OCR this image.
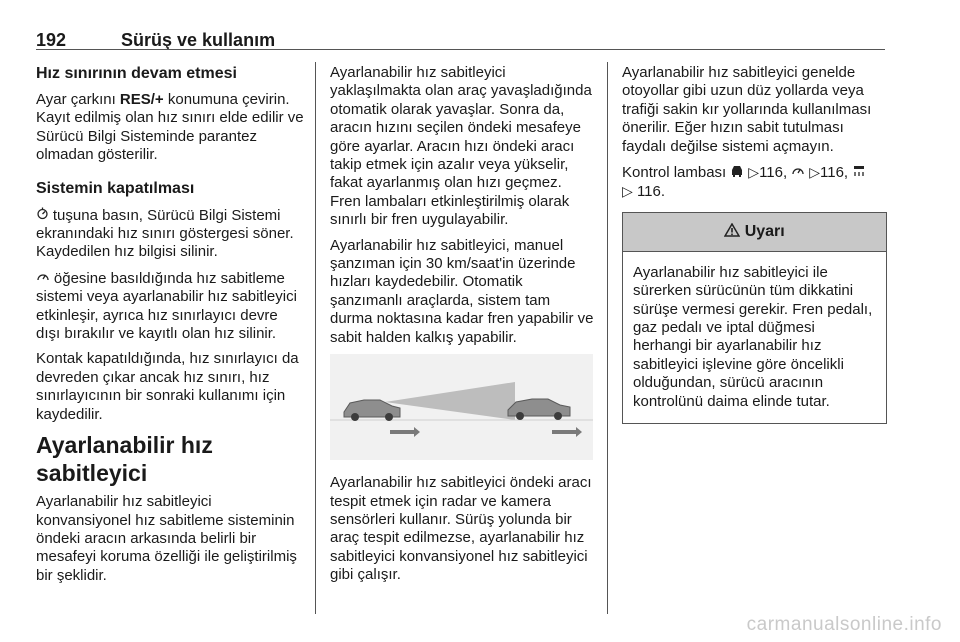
192	Sürüş ve kullanım
Hız sınırının devam etmesi

Ayar çarkını RES/+ konumuna çevirin. Kayıt edilmiş olan hız sınırı elde edilir ve Sürücü Bilgi Sisteminde parantez olmadan gösterilir.

Sistemin kapatılması

tuşuna basın, Sürücü Bilgi Sistemi ekranındaki hız sınırı göstergesi söner. Kaydedilen hız bilgisi silinir.

öğesine basıldığında hız sabitleme sistemi veya ayarlanabilir hız sabitleyici etkinleşir, ayrıca hız sınırlayıcı devre dışı bırakılır ve kayıtlı olan hız silinir.

Kontak kapatıldığında, hız sınırlayıcı da devreden çıkar ancak hız sınırı, hız sınırlayıcının bir sonraki kullanımı için kaydedilir.

Ayarlanabilir hız sabitleyici

Ayarlanabilir hız sabitleyici konvansiyonel hız sabitleme sisteminin öndeki aracın arkasında belirli bir mesafeyi koruma özelliği ile geliştirilmiş bir şeklidir.

Ayarlanabilir hız sabitleyici yaklaşılmakta olan araç yavaşladığında otomatik olarak yavaşlar. Sonra da, aracın hızını seçilen öndeki mesafeye göre ayarlar. Aracın hızı öndeki aracı takip etmek için azalır veya yükselir, fakat ayarlanmış olan hızı geçmez. Fren lambaları etkinleştirilmiş olarak sınırlı bir fren uygulayabilir.

Ayarlanabilir hız sabitleyici, manuel şanzıman için 30 km/saat'in üzerinde hızları kaydedebilir. Otomatik şanzımanlı araçlarda, sistem tam durma noktasına kadar fren yapabilir ve sabit halden kalkış yapabilir.

Ayarlanabilir hız sabitleyici öndeki aracı tespit etmek için radar ve kamera sensörleri kullanır. Sürüş yolunda bir araç tespit edilmezse, ayarlanabilir hız sabitleyici konvansiyonel hız sabitleyici gibi çalışır.

Ayarlanabilir hız sabitleyici genelde otoyollar gibi uzun düz yollarda veya trafiği sakin kır yollarında kullanılması önerilir. Eğer hızın sabit tutulması faydalı değilse sistemi açmayın.

Kontrol lambası ▷116, ▷116,
▷ 116.

Uyarı
Ayarlanabilir hız sabitleyici ile sürerken sürücünün tüm dikkatini sürüşe vermesi gerekir. Fren pedalı, gaz pedalı ve iptal düğmesi herhangi bir ayarlanabilir hız sabitleyici işlevine göre öncelikli olduğundan, sürücü aracının kontrolünü daima elinde tutar.
carmanualsonline.info
